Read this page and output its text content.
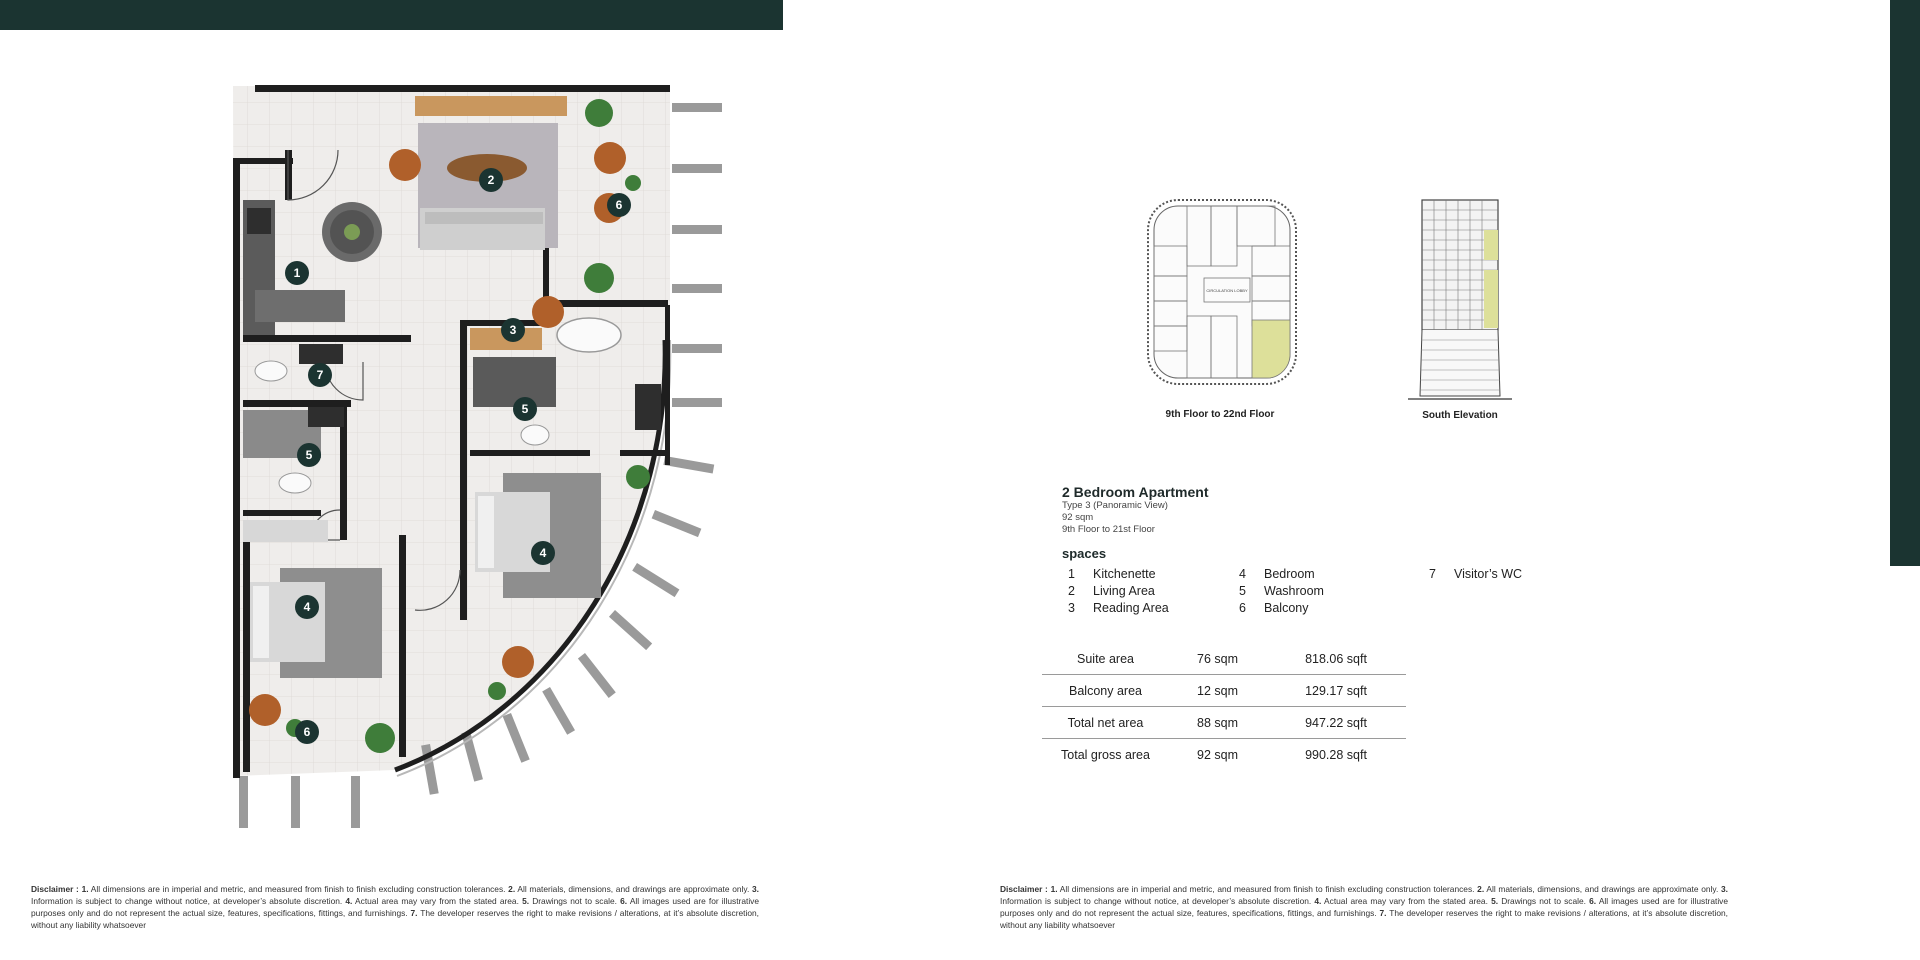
1
2
3
4
5
6
7
5
4
6
CIRCULATION LOBBY
9th Floor to 22nd Floor	South Elevation
2 Bedroom Apartment
Type 3 (Panoramic View)
92 sqm
9th Floor to 21st Floor
spaces
1 Kitchenette
2 Living Area
3 Reading Area
4 Bedroom
5 Washroom
6 Balcony
7 Visitor’s WC
Suite area	76 sqm	818.06 sqft
Balcony area	12 sqm	129.17 sqft
Total net area	88 sqm	947.22 sqft
Total gross area	92 sqm	990.28 sqft
Disclaimer : 1. All dimensions are in imperial and metric, and measured from finish to finish excluding construction tolerances. 2. All materials, dimensions, and drawings are approximate only. 3. Information is subject to change without notice, at developer’s absolute discretion. 4. Actual area may vary from the stated area. 5. Drawings not to scale. 6. All images used are for illustrative purposes only and do not represent the actual size, features, specifications, fittings, and furnishings. 7. The developer reserves the right to make revisions / alterations, at it’s absolute discretion, without any liability whatsoever
Disclaimer : 1. All dimensions are in imperial and metric, and measured from finish to finish excluding construction tolerances. 2. All materials, dimensions, and drawings are approximate only. 3. Information is subject to change without notice, at developer’s absolute discretion. 4. Actual area may vary from the stated area. 5. Drawings not to scale. 6. All images used are for illustrative purposes only and do not represent the actual size, features, specifications, fittings, and furnishings. 7. The developer reserves the right to make revisions / alterations, at it’s absolute discretion, without any liability whatsoever
